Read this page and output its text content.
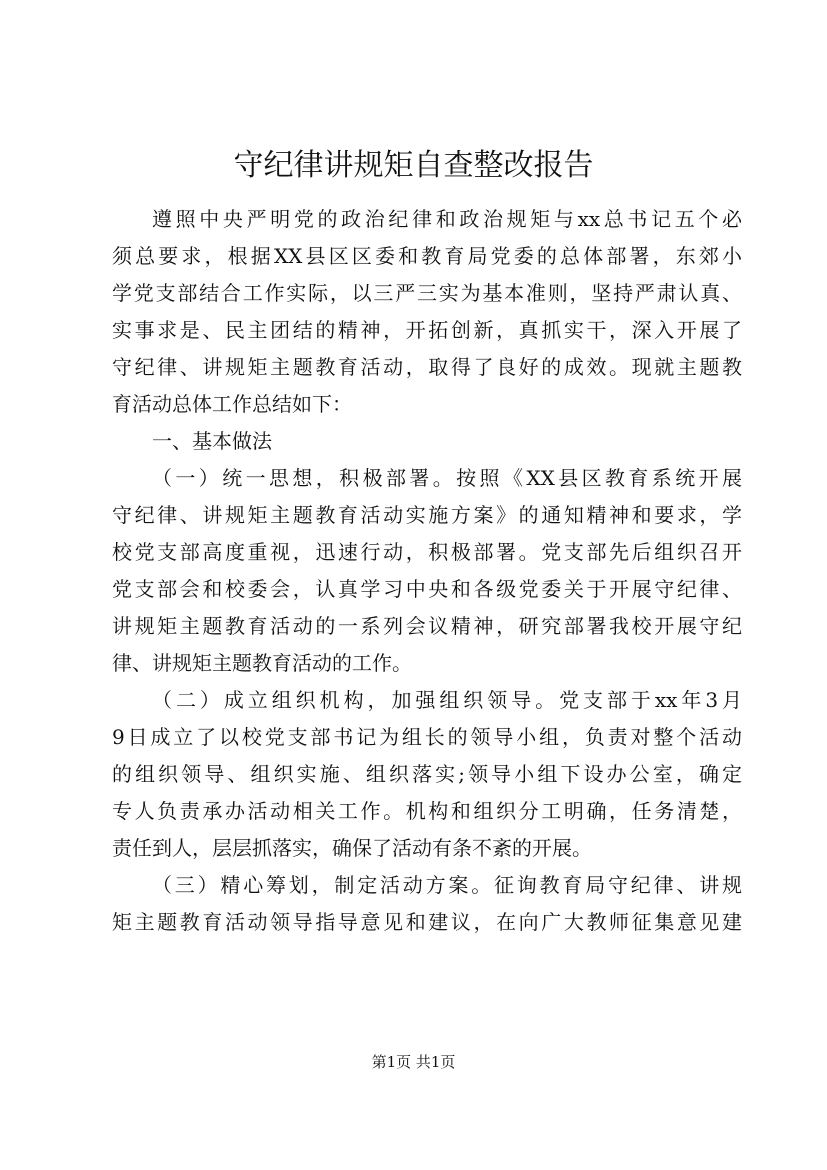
守纪律讲规矩自查整改报告
遵照中央严明党的政治纪律和政治规矩与xx总书记五个必
须总要求，根据XX县区区委和教育局党委的总体部署，东郊小
学党支部结合工作实际，以三严三实为基本准则，坚持严肃认真、
实事求是、民主团结的精神，开拓创新，真抓实干，深入开展了
守纪律、讲规矩主题教育活动，取得了良好的成效。现就主题教
育活动总体工作总结如下：
一、基本做法
（一）统一思想，积极部署。按照《XX县区教育系统开展
守纪律、讲规矩主题教育活动实施方案》的通知精神和要求，学
校党支部高度重视，迅速行动，积极部署。党支部先后组织召开
党支部会和校委会，认真学习中央和各级党委关于开展守纪律、
讲规矩主题教育活动的一系列会议精神，研究部署我校开展守纪
律、讲规矩主题教育活动的工作。
（二）成立组织机构，加强组织领导。党支部于xx年3月
9日成立了以校党支部书记为组长的领导小组，负责对整个活动
的组织领导、组织实施、组织落实;领导小组下设办公室，确定
专人负责承办活动相关工作。机构和组织分工明确，任务清楚，
责任到人，层层抓落实，确保了活动有条不紊的开展。
（三）精心筹划，制定活动方案。征询教育局守纪律、讲规
矩主题教育活动领导指导意见和建议，在向广大教师征集意见建
第1页 共1页
